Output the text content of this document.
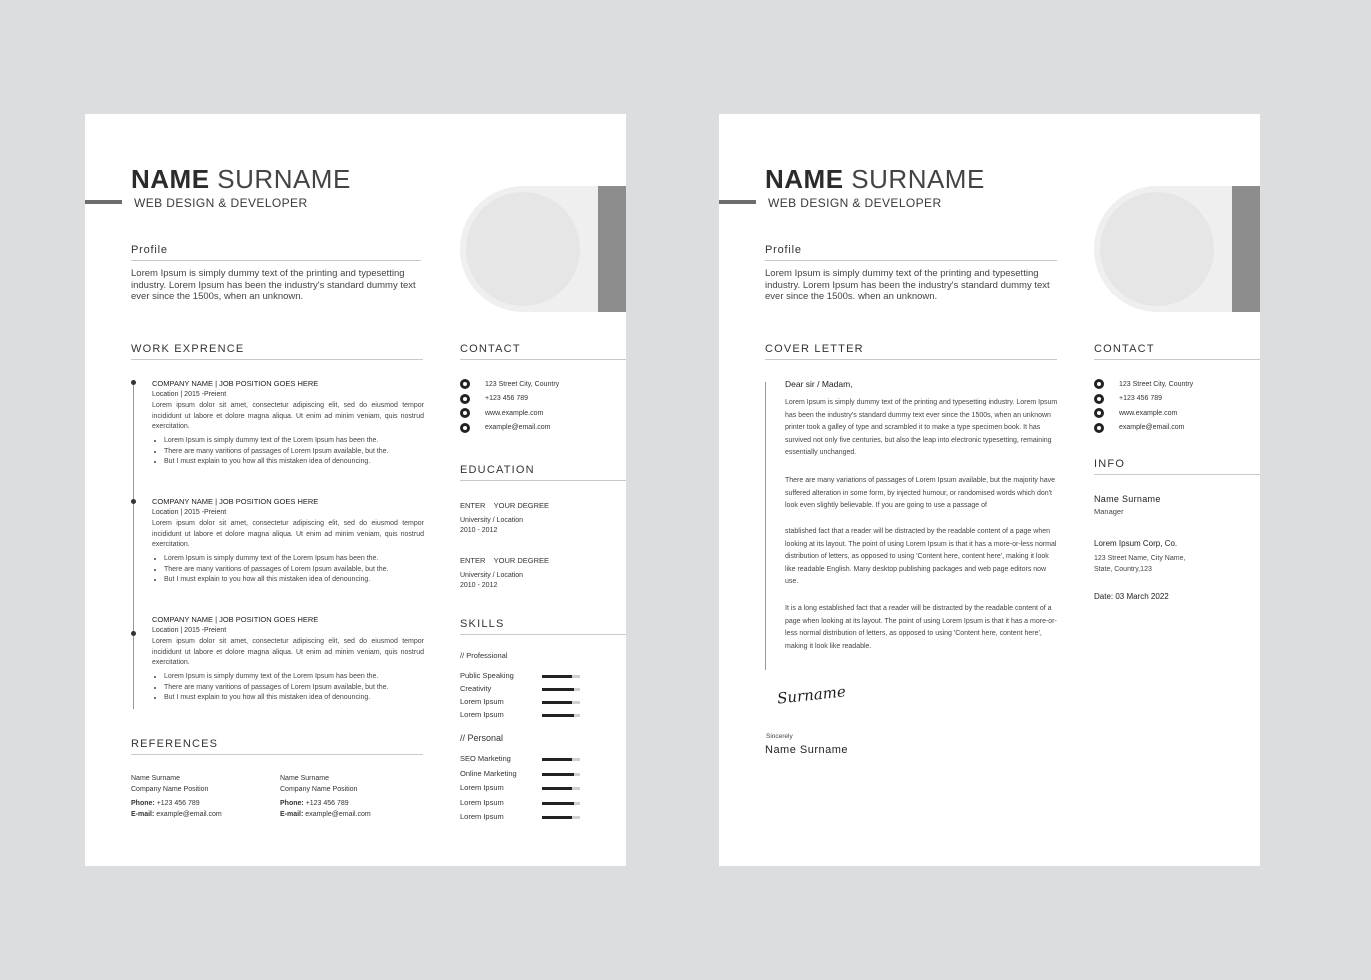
NAME SURNAME
WEB DESIGN & DEVELOPER
Profile
Lorem Ipsum is simply dummy text of the printing and typesetting industry. Lorem Ipsum has been the industry's standard dummy text ever since the 1500s, when an unknown.
WORK EXPRENCE
COMPANY NAME | JOB POSITION GOES HERE
Location | 2015 -Preient
Lorem ipsum dolor sit amet, consectetur adipiscing elit, sed do eiusmod tempor incididunt ut labore et dolore magna aliqua. Ut enim ad minim veniam, quis nostrud exercitation.
• Lorem Ipsum is simply dummy text of the Lorem Ipsum has been the.
• There are many varitions of passages of Lorem Ipsum available, but the.
• But I must explain to you how all this mistaken idea of denouncing.
COMPANY NAME | JOB POSITION GOES HERE
Location | 2015 -Preient
Lorem ipsum dolor sit amet, consectetur adipiscing elit, sed do eiusmod tempor incididunt ut labore et dolore magna aliqua. Ut enim ad minim veniam, quis nostrud exercitation.
• Lorem Ipsum is simply dummy text of the Lorem Ipsum has been the.
• There are many varitions of passages of Lorem Ipsum available, but the.
• But I must explain to you how all this mistaken idea of denouncing.
COMPANY NAME | JOB POSITION GOES HERE
Location | 2015 -Preient
Lorem ipsum dolor sit amet, consectetur adipiscing elit, sed do eiusmod tempor incididunt ut labore et dolore magna aliqua. Ut enim ad minim veniam, quis nostrud exercitation.
• Lorem Ipsum is simply dummy text of the Lorem Ipsum has been the.
• There are many varitions of passages of Lorem Ipsum available, but the.
• But I must explain to you how all this mistaken idea of denouncing.
REFERENCES
Name Surname
Company Name Position
Phone: +123 456 789
E-mail: example@email.com
Name Surname
Company Name Position
Phone: +123 456 789
E-mail: example@email.com
CONTACT
123 Street City, Country
+123 456 789
www.example.com
example@email.com
EDUCATION
ENTER    YOUR DEGREE
University / Location
2010 - 2012
ENTER    YOUR DEGREE
University / Location
2010 - 2012
SKILLS
// Professional
Public Speaking
Creativity
Lorem Ipsum
Lorem Ipsum
// Personal
SEO Marketing
Online Marketing
Lorem Ipsum
Lorem Ipsum
Lorem Ipsum
NAME SURNAME
WEB DESIGN & DEVELOPER
Profile
Lorem Ipsum is simply dummy text of the printing and typesetting industry. Lorem Ipsum has been the industry's standard dummy text ever since the 1500s. when an unknown.
COVER LETTER
Dear sir / Madam,
Lorem Ipsum is simply dummy text of the printing and typesetting industry. Lorem Ipsum has been the industry's standard dummy text ever since the 1500s, when an unknown printer took a galley of type and scrambled it to make a type specimen book. It has survived not only five centuries, but also the leap into electronic typesetting, remaining essentially unchanged.
There are many variations of passages of Lorem Ipsum available, but the majority have suffered alteration in some form, by injected humour, or randomised words which don't look even slightly believable. If you are going to use a passage of
stablished fact that a reader will be distracted by the readable content of a page when looking at its layout. The point of using Lorem Ipsum is that it has a more-or-less normal distribution of letters, as opposed to using 'Content here, content here', making it look like readable English. Many desktop publishing packages and web page editors now use.
It is a long established fact that a reader will be distracted by the readable content of a page when looking at its layout. The point of using Lorem Ipsum is that it has a more-or-less normal distribution of letters, as opposed to using 'Content here, content here', making it look like readable.
Surname
Sincerely
Name Surname
CONTACT
123 Street City, Country
+123 456 789
www.example.com
example@email.com
INFO
Name Surname
Manager
Lorem Ipsum Corp, Co.
123 Street Name, City Name,
State, Country,123
Date: 03 March 2022
